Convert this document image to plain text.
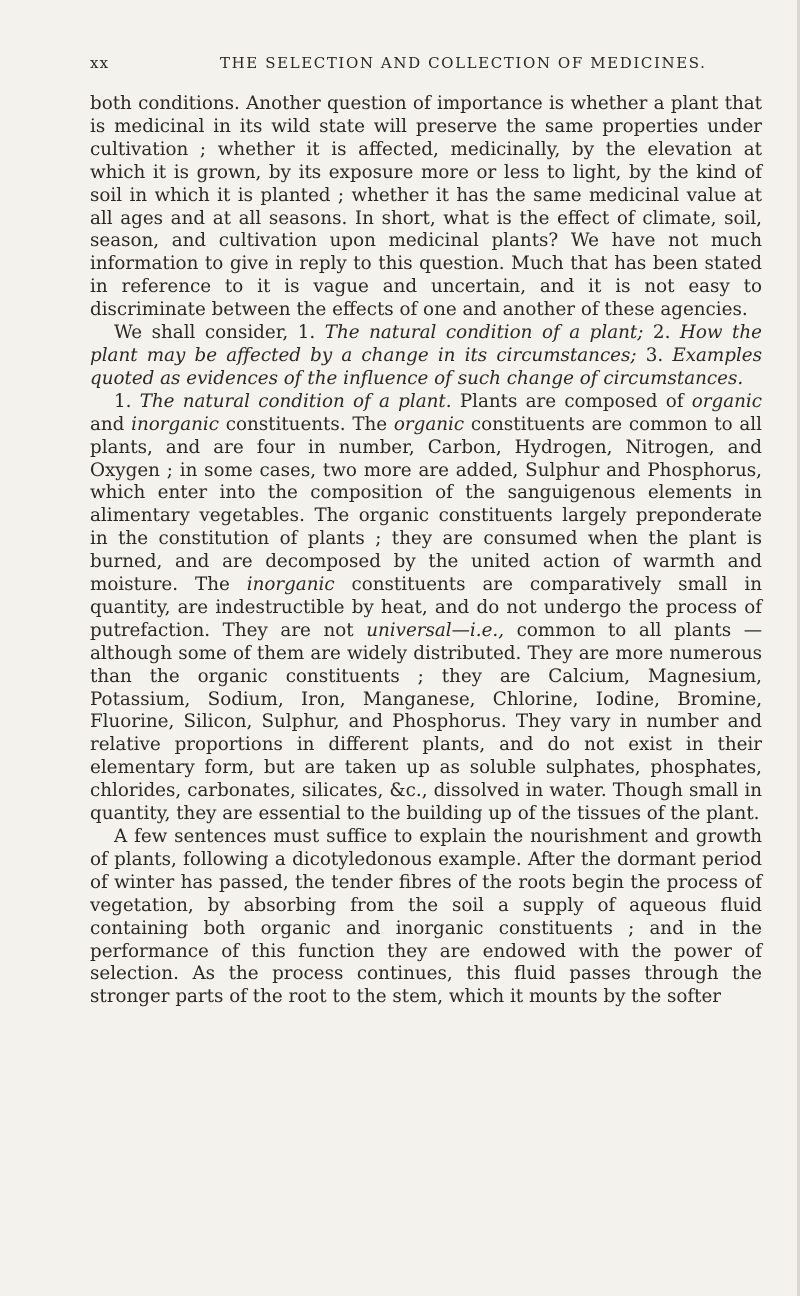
xx	THE SELECTION AND COLLECTION OF MEDICINES.

both conditions. Another question of importance is whether a plant that is medicinal in its wild state will preserve the same properties under cultivation ; whether it is affected, medicinally, by the elevation at which it is grown, by its exposure more or less to light, by the kind of soil in which it is planted ; whether it has the same medicinal value at all ages and at all seasons. In short, what is the effect of climate, soil, season, and cultivation upon medicinal plants? We have not much information to give in reply to this question. Much that has been stated in reference to it is vague and uncertain, and it is not easy to discriminate between the effects of one and another of these agencies.

We shall consider, 1. The natural condition of a plant; 2. How the plant may be affected by a change in its circumstances; 3. Examples quoted as evidences of the influence of such change of circumstances.

1. The natural condition of a plant. Plants are composed of organic and inorganic constituents. The organic constituents are common to all plants, and are four in number, Carbon, Hydrogen, Nitrogen, and Oxygen ; in some cases, two more are added, Sulphur and Phosphorus, which enter into the composition of the sanguigenous elements in alimentary vegetables. The organic constituents largely preponderate in the constitution of plants ; they are consumed when the plant is burned, and are decomposed by the united action of warmth and moisture. The inorganic constituents are comparatively small in quantity, are indestructible by heat, and do not undergo the process of putrefaction. They are not universal—i.e., common to all plants —although some of them are widely distributed. They are more numerous than the organic constituents ; they are Calcium, Magnesium, Potassium, Sodium, Iron, Manganese, Chlorine, Iodine, Bromine, Fluorine, Silicon, Sulphur, and Phosphorus. They vary in number and relative proportions in different plants, and do not exist in their elementary form, but are taken up as soluble sulphates, phosphates, chlorides, carbonates, silicates, &c., dissolved in water. Though small in quantity, they are essential to the building up of the tissues of the plant.

A few sentences must suffice to explain the nourishment and growth of plants, following a dicotyledonous example. After the dormant period of winter has passed, the tender fibres of the roots begin the process of vegetation, by absorbing from the soil a supply of aqueous fluid containing both organic and inorganic constituents ; and in the performance of this function they are endowed with the power of selection. As the process continues, this fluid passes through the stronger parts of the root to the stem, which it mounts by the softer
